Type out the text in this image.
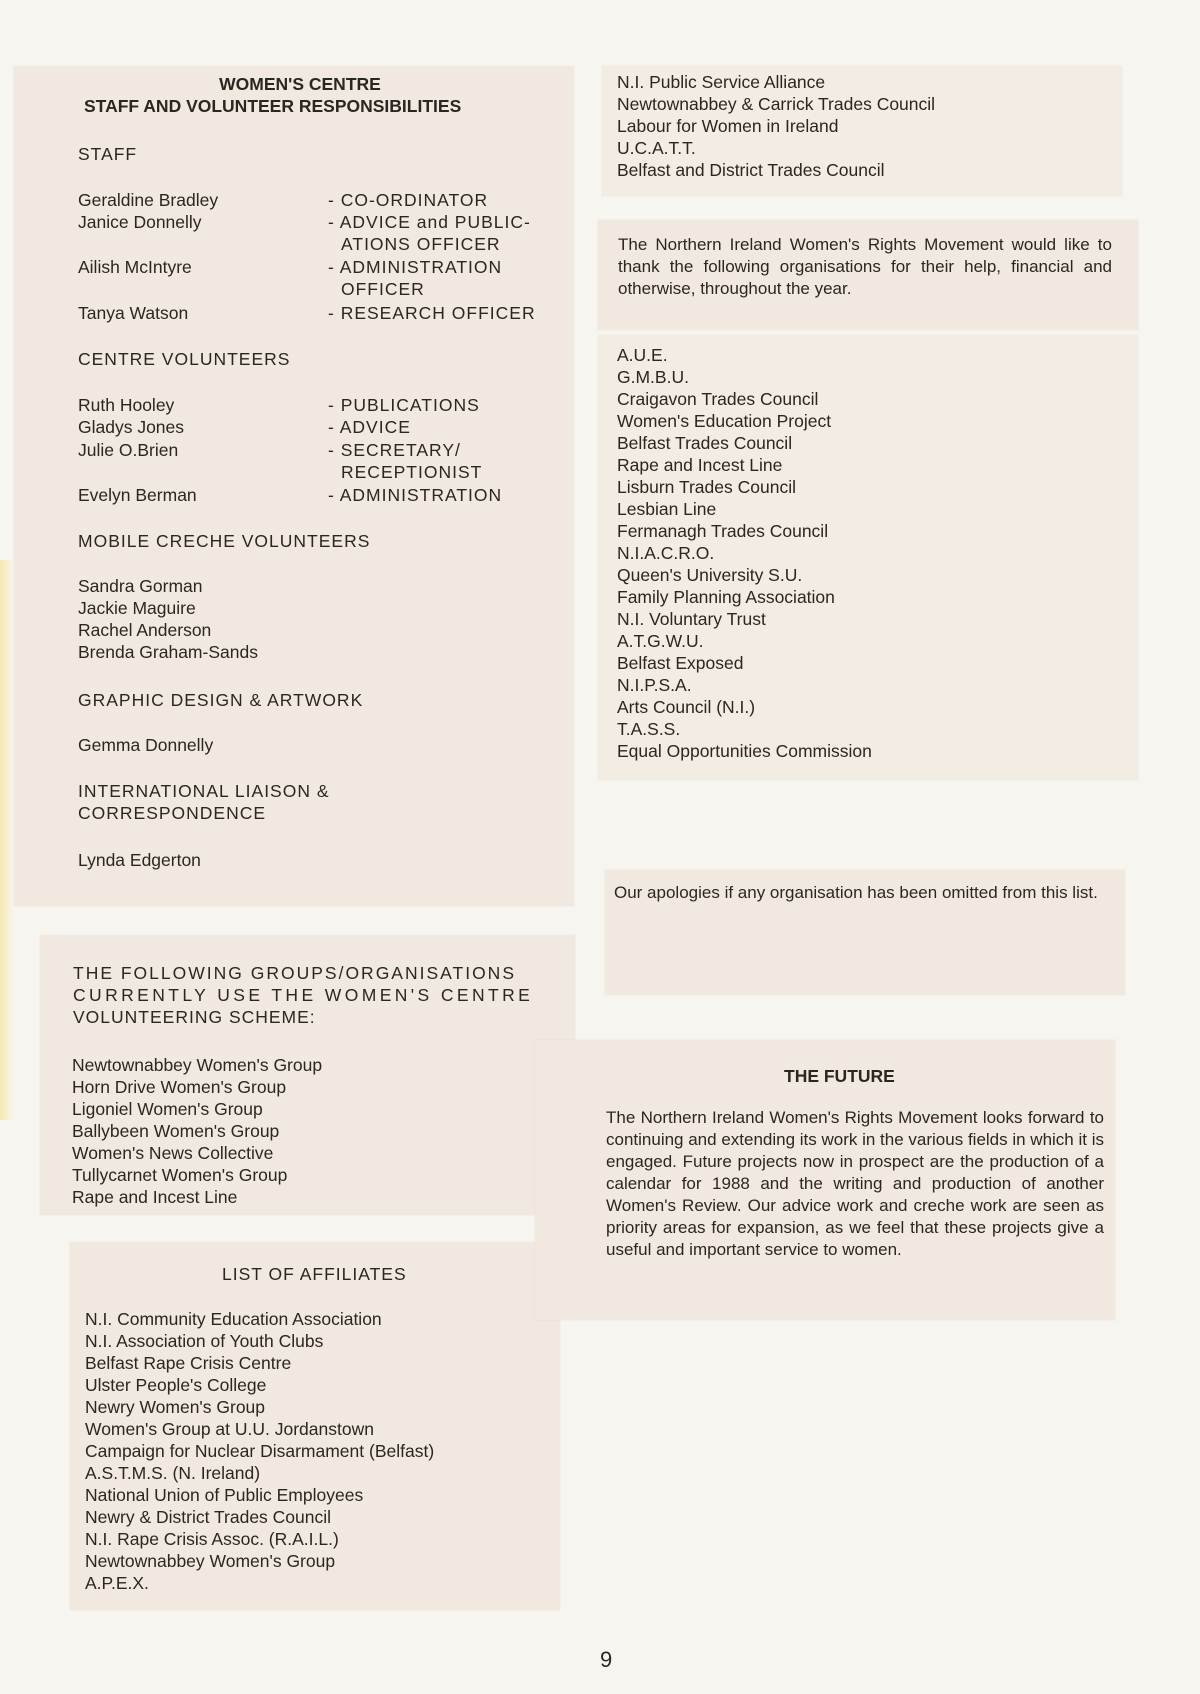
WOMEN'S CENTRE
STAFF AND VOLUNTEER RESPONSIBILITIES
STAFF
Geraldine Bradley	- CO-ORDINATOR
Janice Donnelly	- ADVICE and PUBLIC-
ATIONS OFFICER
Ailish McIntyre	- ADMINISTRATION
OFFICER
Tanya Watson	- RESEARCH OFFICER
CENTRE VOLUNTEERS
Ruth Hooley	- PUBLICATIONS
Gladys Jones	- ADVICE
Julie O.Brien	- SECRETARY/
RECEPTIONIST
Evelyn Berman	- ADMINISTRATION
MOBILE CRECHE VOLUNTEERS
Sandra Gorman
Jackie Maguire
Rachel Anderson
Brenda Graham-Sands
GRAPHIC DESIGN & ARTWORK
Gemma Donnelly
INTERNATIONAL LIAISON &
CORRESPONDENCE
Lynda Edgerton
THE FOLLOWING GROUPS/ORGANISATIONS
CURRENTLY USE THE WOMEN'S CENTRE
VOLUNTEERING SCHEME:
Newtownabbey Women's Group
Horn Drive Women's Group
Ligoniel Women's Group
Ballybeen Women's Group
Women's News Collective
Tullycarnet Women's Group
Rape and Incest Line
LIST OF AFFILIATES
N.I. Community Education Association
N.I. Association of Youth Clubs
Belfast Rape Crisis Centre
Ulster People's College
Newry Women's Group
Women's Group at U.U. Jordanstown
Campaign for Nuclear Disarmament (Belfast)
A.S.T.M.S. (N. Ireland)
National Union of Public Employees
Newry & District Trades Council
N.I. Rape Crisis Assoc. (R.A.I.L.)
Newtownabbey Women's Group
A.P.E.X.
N.I. Public Service Alliance
Newtownabbey & Carrick Trades Council
Labour for Women in Ireland
U.C.A.T.T.
Belfast and District Trades Council
The Northern Ireland Women's Rights Movement would like to thank the following organisations for their help, financial and otherwise, throughout the year.
A.U.E.
G.M.B.U.
Craigavon Trades Council
Women's Education Project
Belfast Trades Council
Rape and Incest Line
Lisburn Trades Council
Lesbian Line
Fermanagh Trades Council
N.I.A.C.R.O.
Queen's University S.U.
Family Planning Association
N.I. Voluntary Trust
A.T.G.W.U.
Belfast Exposed
N.I.P.S.A.
Arts Council (N.I.)
T.A.S.S.
Equal Opportunities Commission
Our apologies if any organisation has been omitted from this list.
THE FUTURE
The Northern Ireland Women's Rights Movement looks forward to continuing and extending its work in the various fields in which it is engaged. Future projects now in prospect are the production of a calendar for 1988 and the writing and production of another Women's Review. Our advice work and creche work are seen as priority areas for expansion, as we feel that these projects give a useful and important service to women.
9
